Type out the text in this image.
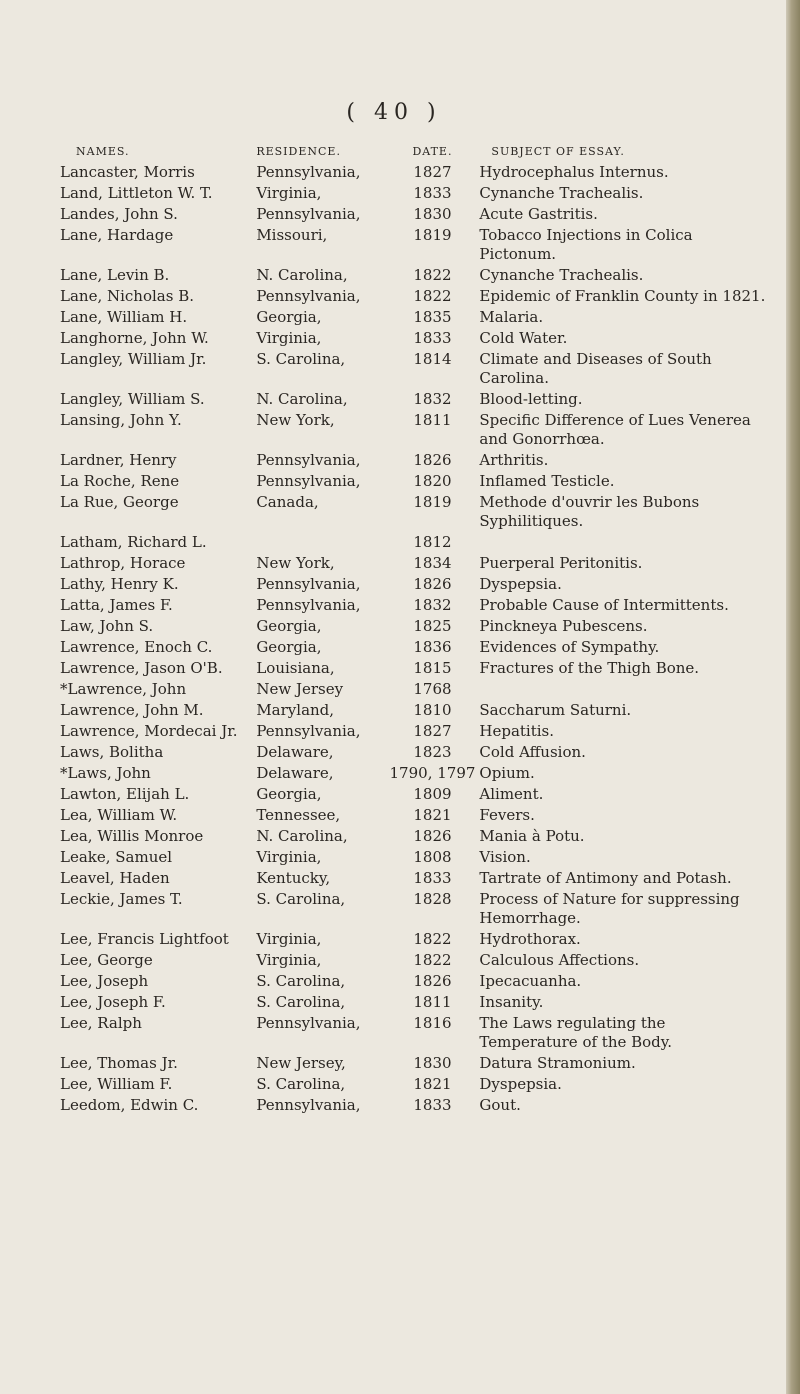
( 40 )
NAMES.	RESIDENCE.	DATE.	SUBJECT OF ESSAY.
Lancaster, Morris	Pennsylvania,	1827	Hydrocephalus Internus.
Land, Littleton W. T.	Virginia,	1833	Cynanche Trachealis.
Landes, John S.	Pennsylvania,	1830	Acute Gastritis.
Lane, Hardage	Missouri,	1819	Tobacco Injections in Colica Pictonum.
Lane, Levin B.	N. Carolina,	1822	Cynanche Trachealis.
Lane, Nicholas B.	Pennsylvania,	1822	Epidemic of Franklin County in 1821.
Lane, William H.	Georgia,	1835	Malaria.
Langhorne, John W.	Virginia,	1833	Cold Water.
Langley, William Jr.	S. Carolina,	1814	Climate and Diseases of South Carolina.
Langley, William S.	N. Carolina,	1832	Blood-letting.
Lansing, John Y.	New York,	1811	Specific Difference of Lues Venerea and Gonorrhœa.
Lardner, Henry	Pennsylvania,	1826	Arthritis.
La Roche, Rene	Pennsylvania,	1820	Inflamed Testicle.
La Rue, George	Canada,	1819	Methode d'ouvrir les Bubons Syphilitiques.
Latham, Richard L.		1812	
Lathrop, Horace	New York,	1834	Puerperal Peritonitis.
Lathy, Henry K.	Pennsylvania,	1826	Dyspepsia.
Latta, James F.	Pennsylvania,	1832	Probable Cause of Intermittents.
Law, John S.	Georgia,	1825	Pinckneya Pubescens.
Lawrence, Enoch C.	Georgia,	1836	Evidences of Sympathy.
Lawrence, Jason O'B.	Louisiana,	1815	Fractures of the Thigh Bone.
*Lawrence, John	New Jersey	1768	
Lawrence, John M.	Maryland,	1810	Saccharum Saturni.
Lawrence, Mordecai Jr.	Pennsylvania,	1827	Hepatitis.
Laws, Bolitha	Delaware,	1823	Cold Affusion.
*Laws, John	Delaware,	1790, 1797	Opium.
Lawton, Elijah L.	Georgia,	1809	Aliment.
Lea, William W.	Tennessee,	1821	Fevers.
Lea, Willis Monroe	N. Carolina,	1826	Mania à Potu.
Leake, Samuel	Virginia,	1808	Vision.
Leavel, Haden	Kentucky,	1833	Tartrate of Antimony and Potash.
Leckie, James T.	S. Carolina,	1828	Process of Nature for suppressing Hemorrhage.
Lee, Francis Lightfoot	Virginia,	1822	Hydrothorax.
Lee, George	Virginia,	1822	Calculous Affections.
Lee, Joseph	S. Carolina,	1826	Ipecacuanha.
Lee, Joseph F.	S. Carolina,	1811	Insanity.
Lee, Ralph	Pennsylvania,	1816	The Laws regulating the Temperature of the Body.
Lee, Thomas Jr.	New Jersey,	1830	Datura Stramonium.
Lee, William F.	S. Carolina,	1821	Dyspepsia.
Leedom, Edwin C.	Pennsylvania,	1833	Gout.
